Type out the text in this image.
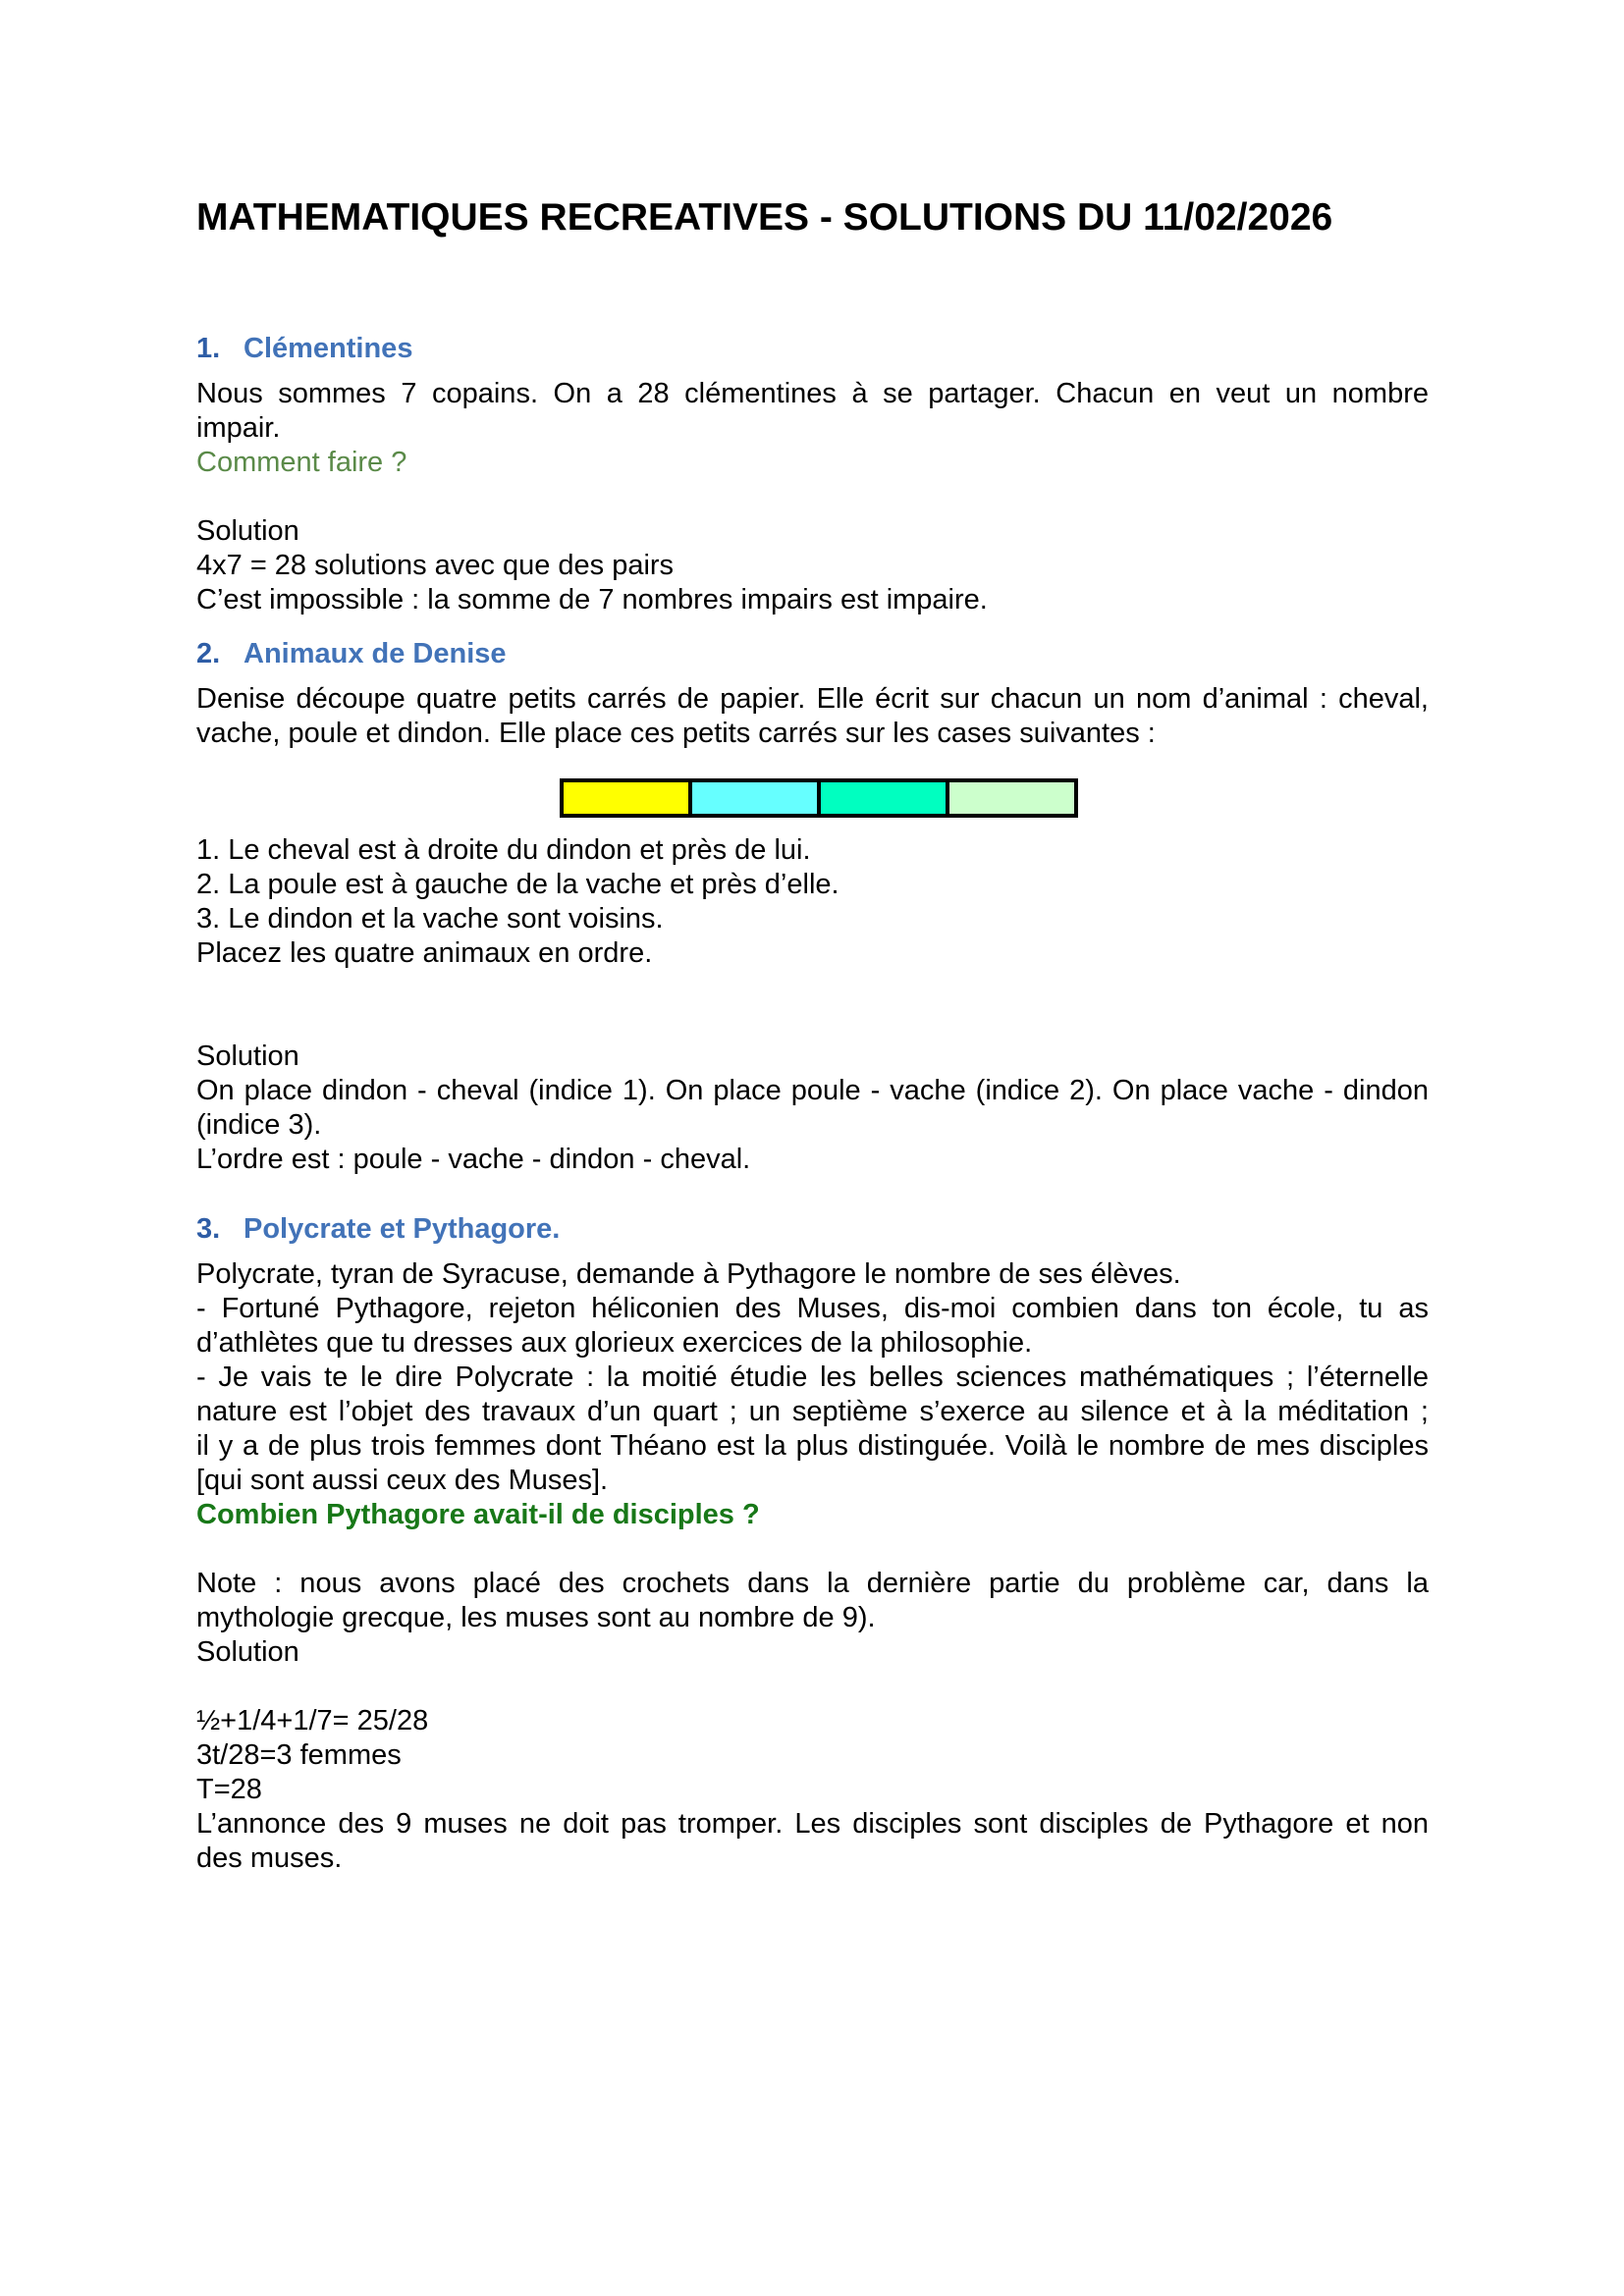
MATHEMATIQUES RECREATIVES - SOLUTIONS DU 11/02/2026
1. Clémentines
Nous sommes 7 copains. On a 28 clémentines à se partager. Chacun en veut un nombre
impair.
Comment faire ?
Solution
4x7 = 28 solutions avec que des pairs
C’est impossible : la somme de 7 nombres impairs est impaire.
2. Animaux de Denise
Denise découpe quatre petits carrés de papier. Elle écrit sur chacun un nom d’animal : cheval,
vache, poule et dindon. Elle place ces petits carrés sur les cases suivantes :
1. Le cheval est à droite du dindon et près de lui.
2. La poule est à gauche de la vache et près d’elle.
3. Le dindon et la vache sont voisins.
Placez les quatre animaux en ordre.
Solution
On place dindon - cheval (indice 1). On place poule - vache (indice 2). On place vache - dindon
(indice 3).
L’ordre est : poule - vache - dindon - cheval.
3. Polycrate et Pythagore.
Polycrate, tyran de Syracuse, demande à Pythagore le nombre de ses élèves.
- Fortuné Pythagore, rejeton héliconien des Muses, dis-moi combien dans ton école, tu as
d’athlètes que tu dresses aux glorieux exercices de la philosophie.
- Je vais te le dire Polycrate : la moitié étudie les belles sciences mathématiques ; l’éternelle
nature est l’objet des travaux d’un quart ; un septième s’exerce au silence et à la méditation ;
il y a de plus trois femmes dont Théano est la plus distinguée. Voilà le nombre de mes disciples
[qui sont aussi ceux des Muses].
Combien Pythagore avait-il de disciples ?
Note : nous avons placé des crochets dans la dernière partie du problème car, dans la
mythologie grecque, les muses sont au nombre de 9).
Solution
½+1/4+1/7= 25/28
3t/28=3 femmes
T=28
L’annonce des 9 muses ne doit pas tromper. Les disciples sont disciples de Pythagore et non
des muses.
